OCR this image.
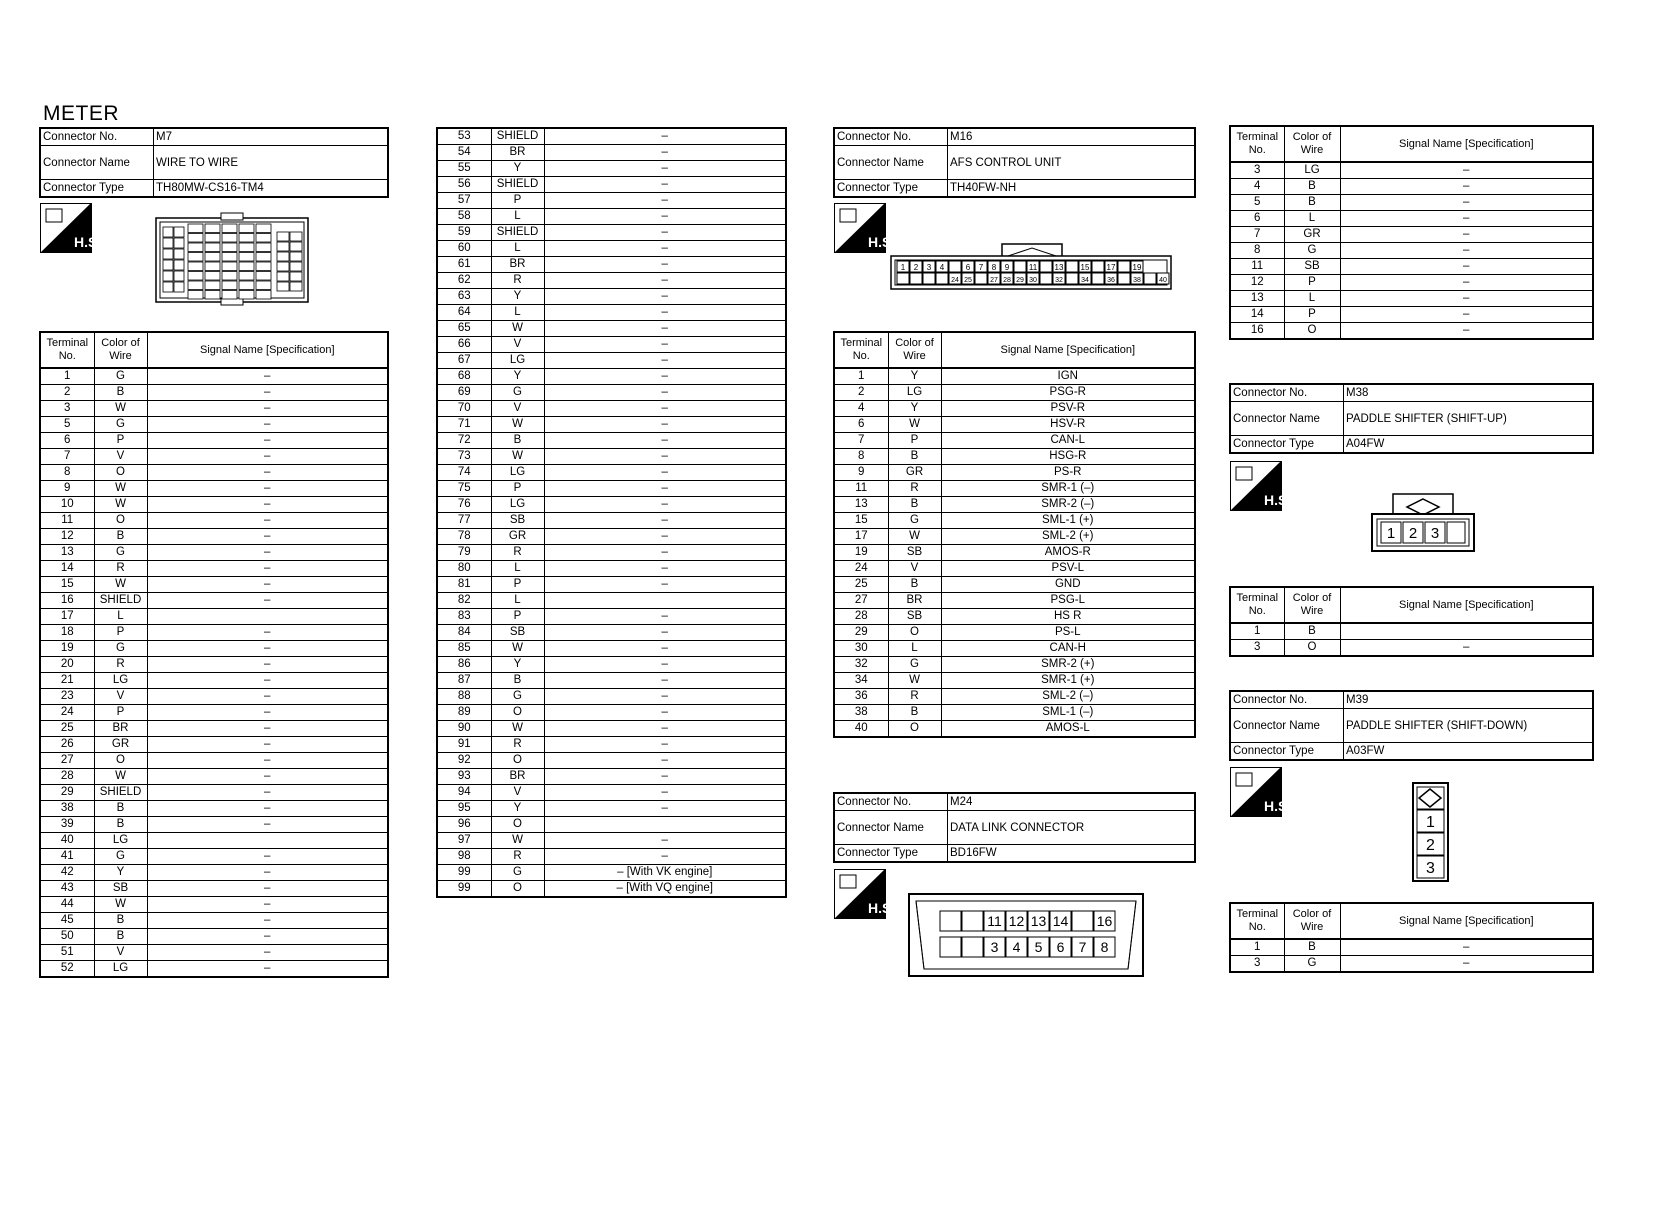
METER
Connector No.	M7
Connector Name	WIRE TO WIRE
Connector Type	TH80MW-CS16-TM4
H.S.
Terminal No.	Color of Wire	Signal Name [Specification]
1	G	–
2	B	–
3	W	–
5	G	–
6	P	–
7	V	–
8	O	–
9	W	–
10	W	–
11	O	–
12	B	–
13	G	–
14	R	–
15	W	–
16	SHIELD	–
17	L	
18	P	–
19	G	–
20	R	–
21	LG	–
23	V	–
24	P	–
25	BR	–
26	GR	–
27	O	–
28	W	–
29	SHIELD	–
38	B	–
39	B	–
40	LG	
41	G	–
42	Y	–
43	SB	–
44	W	–
45	B	–
50	B	–
51	V	–
52	LG	–
53	SHIELD	–
54	BR	–
55	Y	–
56	SHIELD	–
57	P	–
58	L	–
59	SHIELD	–
60	L	–
61	BR	–
62	R	–
63	Y	–
64	L	–
65	W	–
66	V	–
67	LG	–
68	Y	–
69	G	–
70	V	–
71	W	–
72	B	–
73	W	–
74	LG	–
75	P	–
76	LG	–
77	SB	–
78	GR	–
79	R	–
80	L	–
81	P	–
82	L	
83	P	–
84	SB	–
85	W	–
86	Y	–
87	B	–
88	G	–
89	O	–
90	W	–
91	R	–
92	O	–
93	BR	–
94	V	–
95	Y	–
96	O	
97	W	–
98	R	–
99	G	– [With VK engine]
99	O	– [With VQ engine]
Connector No.	M16
Connector Name	AFS CONTROL UNIT
Connector Type	TH40FW-NH
H.S.
1 2 3 4	6 7 8 9 11 13 15 17 19
24 25	27 28 29 30	32	34	36	38	40
Terminal No.	Color of Wire	Signal Name [Specification]
1	Y	IGN
2	LG	PSG-R
4	Y	PSV-R
6	W	HSV-R
7	P	CAN-L
8	B	HSG-R
9	GR	PS-R
11	R	SMR-1 (–)
13	B	SMR-2 (–)
15	G	SML-1 (+)
17	W	SML-2 (+)
19	SB	AMOS-R
24	V	PSV-L
25	B	GND
27	BR	PSG-L
28	SB	HS R
29	O	PS-L
30	L	CAN-H
32	G	SMR-2 (+)
34	W	SMR-1 (+)
36	R	SML-2 (–)
38	B	SML-1 (–)
40	O	AMOS-L
Connector No.	M24
Connector Name	DATA LINK CONNECTOR
Connector Type	BD16FW
H.S.
11 12 13 14 16
3 4 5 6 7 8
Terminal No.	Color of Wire	Signal Name [Specification]
3	LG	–
4	B	–
5	B	–
6	L	–
7	GR	–
8	G	–
11	SB	–
12	P	–
13	L	–
14	P	–
16	O	–
Connector No.	M38
Connector Name	PADDLE SHIFTER (SHIFT-UP)
Connector Type	A04FW
H.S.
1 2 3
Terminal No.	Color of Wire	Signal Name [Specification]
1	B	
3	O	–
Connector No.	M39
Connector Name	PADDLE SHIFTER (SHIFT-DOWN)
Connector Type	A03FW
H.S.
1
2
3
Terminal No.	Color of Wire	Signal Name [Specification]
1	B	–
3	G	–
